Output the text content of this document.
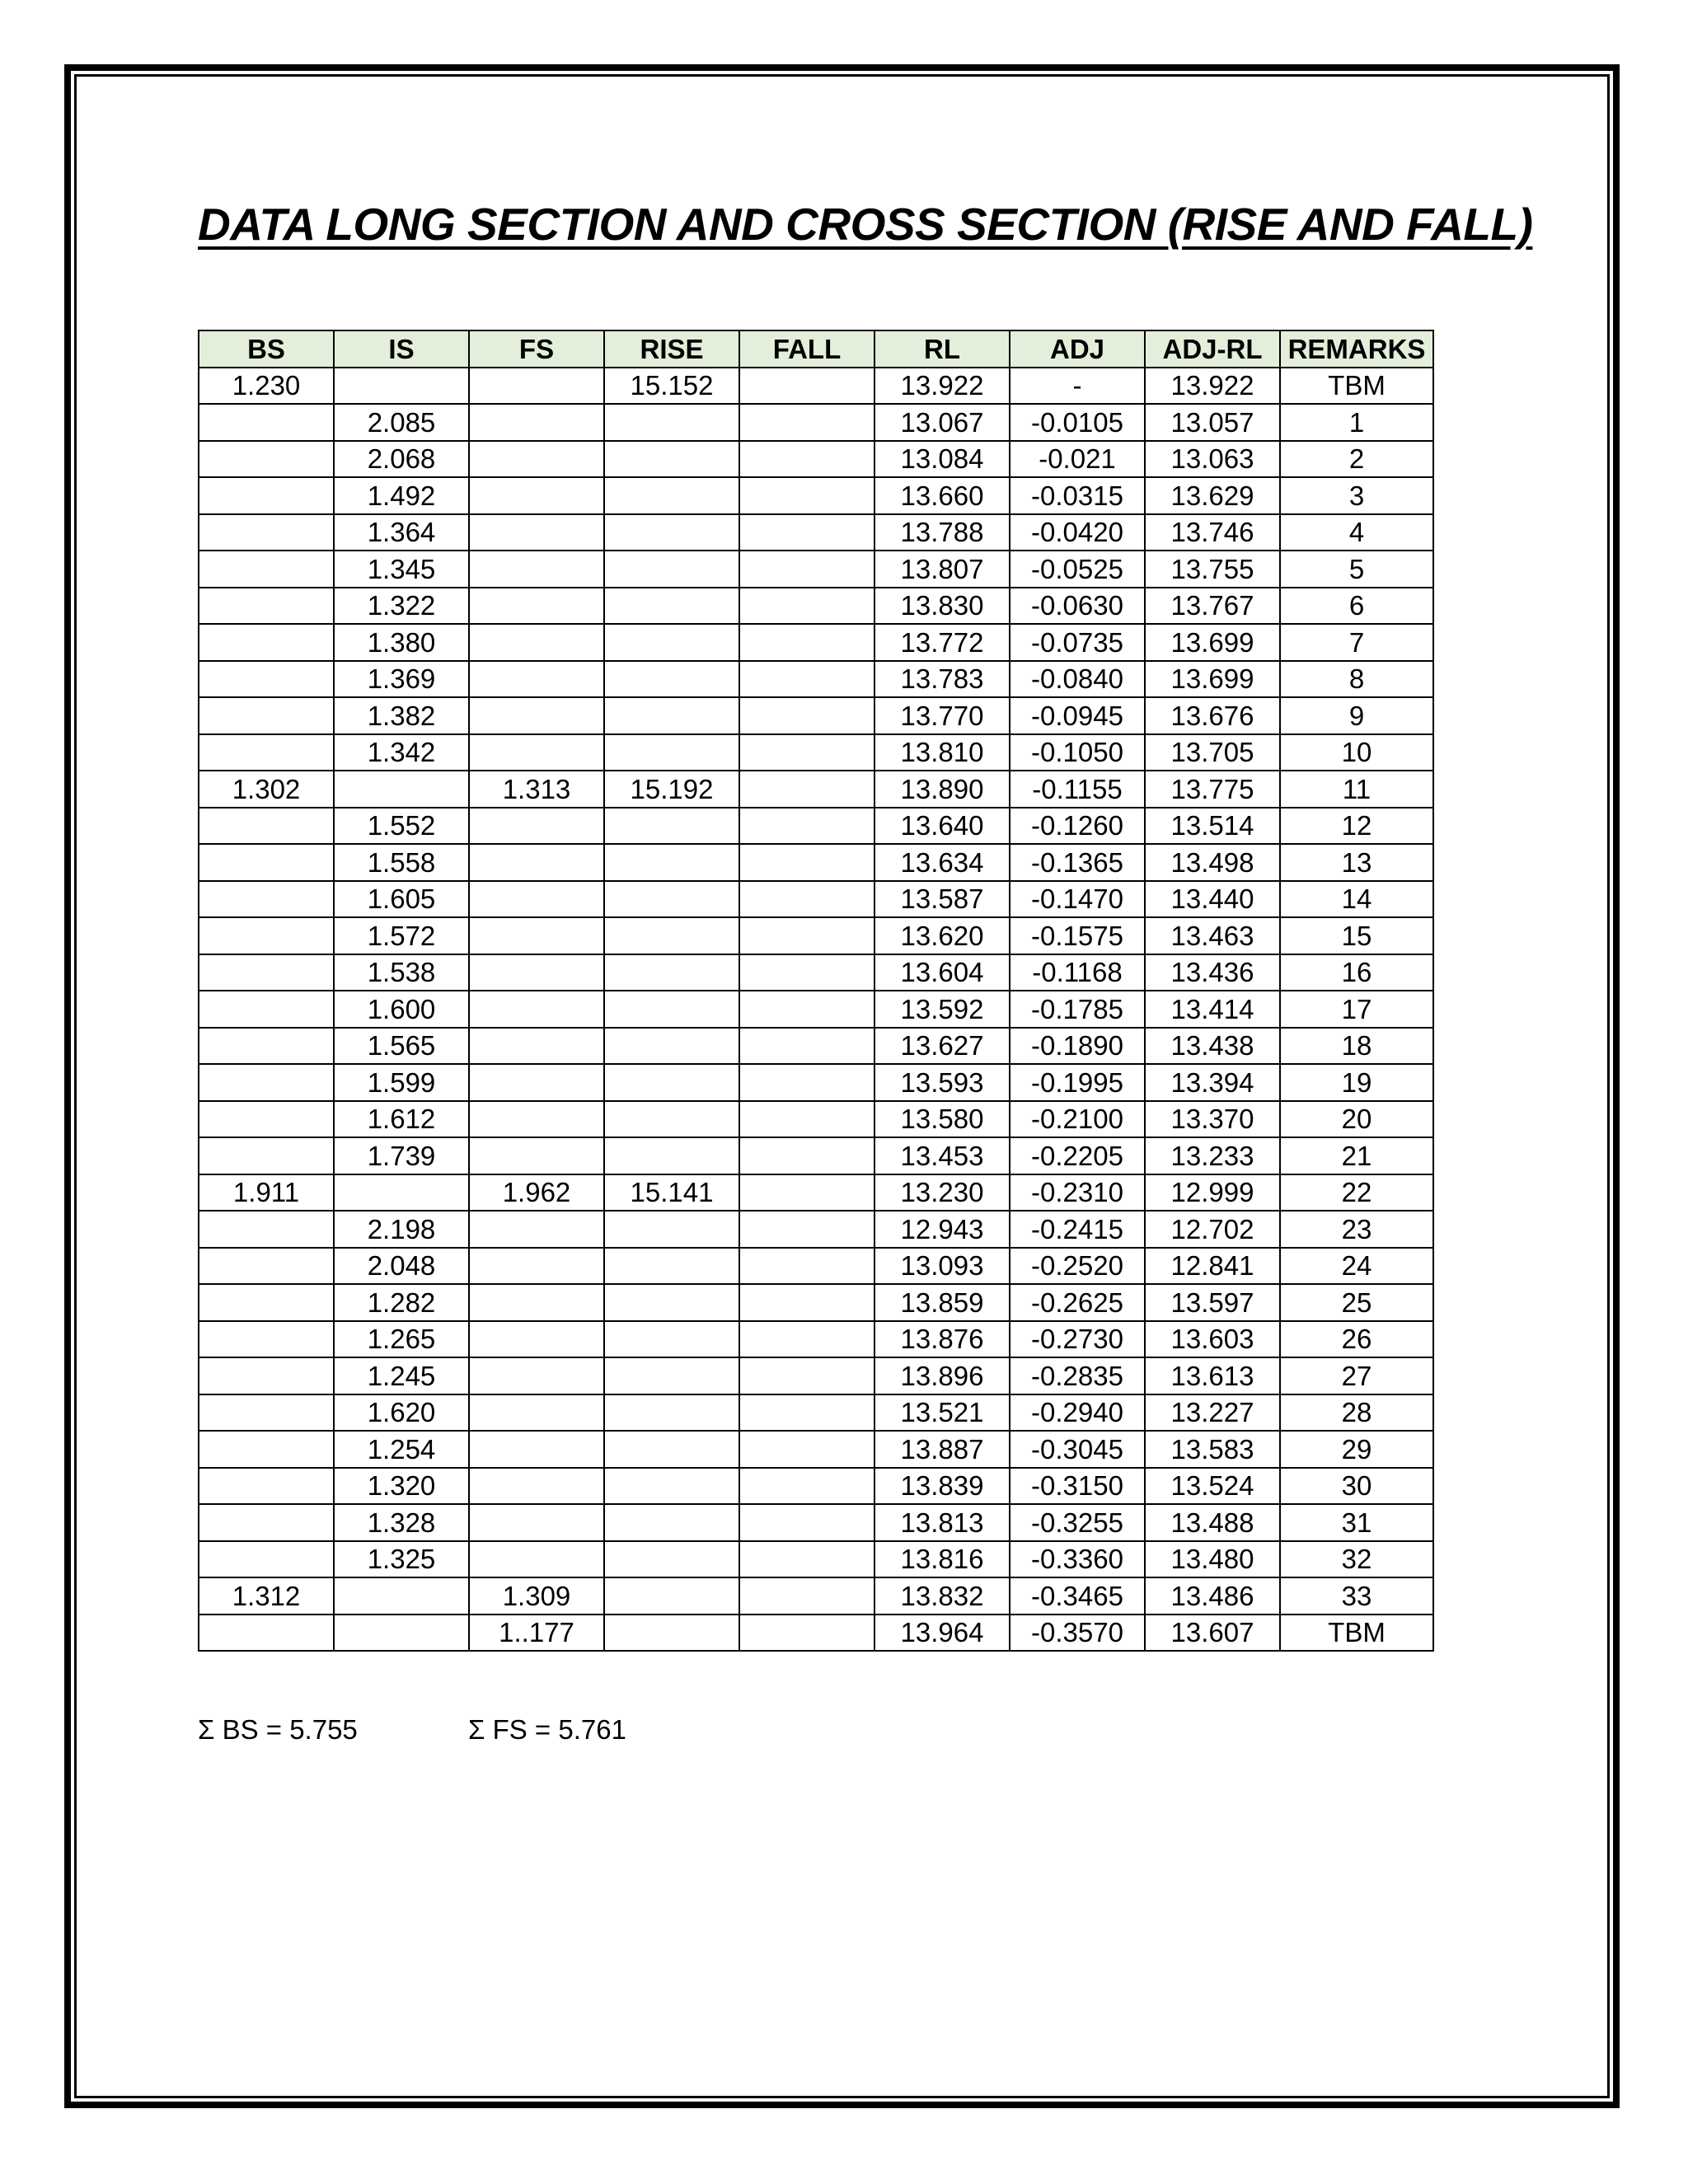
DATA LONG SECTION AND CROSS SECTION (RISE AND FALL)
BS	IS	FS	RISE	FALL	RL	ADJ	ADJ-RL	REMARKS
1.230			15.152		13.922	-	13.922	TBM
	2.085				13.067	-0.0105	13.057	1
	2.068				13.084	-0.021	13.063	2
	1.492				13.660	-0.0315	13.629	3
	1.364				13.788	-0.0420	13.746	4
	1.345				13.807	-0.0525	13.755	5
	1.322				13.830	-0.0630	13.767	6
	1.380				13.772	-0.0735	13.699	7
	1.369				13.783	-0.0840	13.699	8
	1.382				13.770	-0.0945	13.676	9
	1.342				13.810	-0.1050	13.705	10
1.302		1.313	15.192		13.890	-0.1155	13.775	11
	1.552				13.640	-0.1260	13.514	12
	1.558				13.634	-0.1365	13.498	13
	1.605				13.587	-0.1470	13.440	14
	1.572				13.620	-0.1575	13.463	15
	1.538				13.604	-0.1168	13.436	16
	1.600				13.592	-0.1785	13.414	17
	1.565				13.627	-0.1890	13.438	18
	1.599				13.593	-0.1995	13.394	19
	1.612				13.580	-0.2100	13.370	20
	1.739				13.453	-0.2205	13.233	21
1.911		1.962	15.141		13.230	-0.2310	12.999	22
	2.198				12.943	-0.2415	12.702	23
	2.048				13.093	-0.2520	12.841	24
	1.282				13.859	-0.2625	13.597	25
	1.265				13.876	-0.2730	13.603	26
	1.245				13.896	-0.2835	13.613	27
	1.620				13.521	-0.2940	13.227	28
	1.254				13.887	-0.3045	13.583	29
	1.320				13.839	-0.3150	13.524	30
	1.328				13.813	-0.3255	13.488	31
	1.325				13.816	-0.3360	13.480	32
1.312		1.309			13.832	-0.3465	13.486	33
		1..177			13.964	-0.3570	13.607	TBM
Σ BS = 5.755	Σ FS = 5.761
